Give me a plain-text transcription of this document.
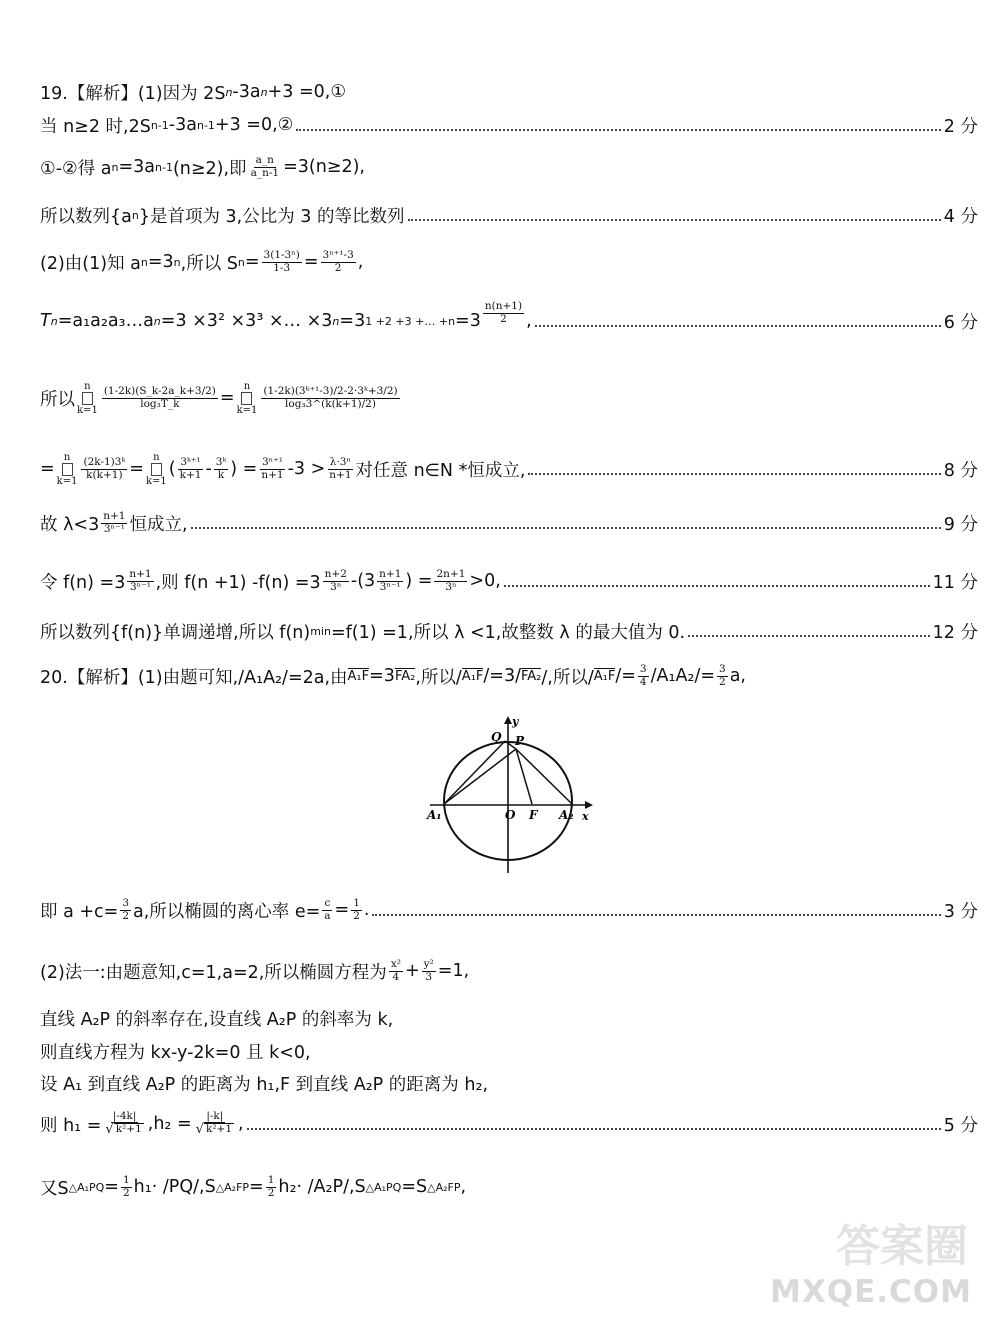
19.【解析】(1)因为 2S n -3a n +3 =0,①
当 n≥2 时,2S n-1 -3a n-1 +3 =0,②	2 分
①-②得 a n =3a n-1 (n≥2),即 $\frac{a\_n}{a\_n-1} =3(n\ge 2)$,
所以数列{a n }是首项为 3,公比为 3 的等比数列	4 分
(2)由(1)知 a n =3 n ,所以 S $n = \frac{\text{3(1-3ⁿ)}}{1-3} = \frac{\text{3ⁿ⁺¹-3}}{2}$ ,
T n =a₁a₂a₃…a n =3 ×3² ×3³ ×… ×3 n =3 1 +2 +3 +… $+n =3 \frac{n(n+1)}{2}$ ,	6 分
所以
n
$k=1 \frac{(1-2k)(S\_k-2a\_k+3/2)}{\text{log₃T\_k}}$ =
n
$k=1 \frac{\text{(1-2k)(3ᵏ⁺¹-3)/2-2·3ᵏ+3/2)}}{\text{log₃3\textasciicircum{}(k(k+1)/2)}}$
=
n
$k=1 \frac{\text{(2k-1)3ᵏ}}{k(k+1)}$ =
n
k=1
( $\frac{\text{3ᵏ⁺¹}}{k+1} - \frac{\text{3ᵏ}}{k}$ ) = $\frac{\text{3ⁿ⁺¹}}{n+1} -3 > \frac{\text{λ·3ⁿ}}{n+1}$ 对任意 n∈N *恒成立,	8 分
故 $\lambda<3 \frac{n+1}{\text{3ⁿ⁻¹}}$ 恒成立,	9 分
令 $f(n) =3 \frac{n+1}{\text{3ⁿ⁻¹}}$ ,则 f(n +1) $-f(n) =3 \frac{n+2}{\text{3ⁿ}} -(3 \frac{n+1}{\text{3ⁿ⁻¹}}$ ) = $\frac{2n+1}{\text{3ⁿ}} >0$,	11 分
所以数列{f(n)}单调递增,所以 f(n) min =f(1) =1,所以 λ <1,故整数 λ 的最大值为 0.	12 分
20.【解析】(1)由题可知,/A₁A₂/=2a,由 A₁F =3 FA₂ ,所以/ A₁F /=3/ FA₂ /,所以/ $A_1F /= \frac{3}{4} /A_1A_2/= \frac{3}{2} a$,
y
x
Q P
A₁	O F A₂
即 $a +c= \frac{3}{2} a$,所以椭圆的离心率 $e= \frac{c}{a} = \frac{1}{2}$ .	3 分
(2)法一:由题意知,c=1,a=2,所以椭圆方程为 $\frac{\text{x²}}{4} + \frac{\text{y²}}{3} =1$,
直线 A₂P 的斜率存在,设直线 A₂P 的斜率为 k,
则直线方程为 kx-y-2k=0 且 k<0,
设 A₁ 到直线 A₂P 的距离为 h₁,F 到直线 A₂P 的距离为 h₂,
则 $h_1 = \frac{|-4k|}{\text{√ k²+1}} ,h_2 = \frac{|-k|}{\text{√ k²+1}}$ ,	5 分
又S △A₁PQ = $\frac{1}{2} h_1\cdot /PQ/,S$ △A₂FP = $\frac{1}{2} h_2\cdot /A_2P/,S$ △A₁PQ =S △A₂FP ,
答案圈
MXQE.COM
